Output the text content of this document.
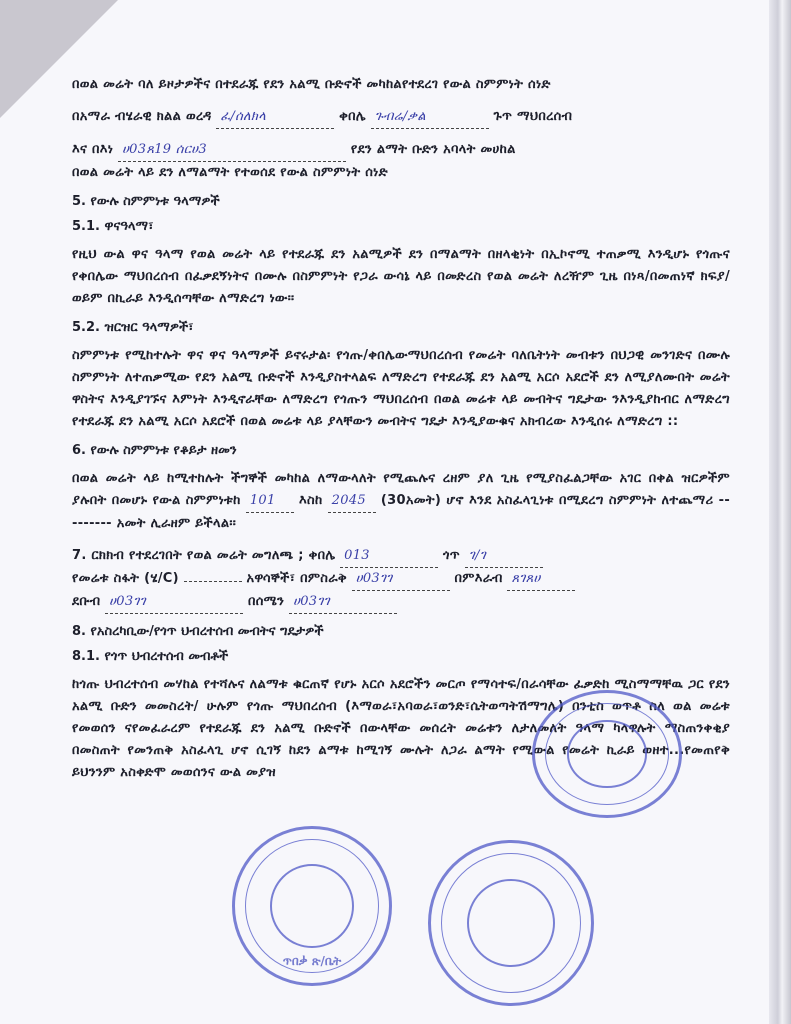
በወል መሬት ባለ ይዞታዎችና በተደራጁ የደን አልሚ ቡድኖች መካከልየተደረገ የውል ስምምነት ሰነድ

በአማራ ብሄራዊ ክልል ወረዳ ፈ/ሰለክላ	ቀበሌ ጉብሬ/ቃል	ጉጥ ማህበረሰብ

እና በእነ ሀ03ጸ19 ሰርሀ3	የደን ልማት ቡድን አባላት መሀከል

በወል መሬት ላይ ደን ለማልማት የተወሰደ የውል ስምምነት ሰነድ

5. የውሉ ስምምነቱ ዓላማዎች
5.1. ዋናዓላማ፣

የዚህ ውል ዋና ዓላማ የወል መሬት ላይ የተደራጁ ደን አልሚዎች ደን በማልማት በዘላቂነት በኢኮኖሚ ተጠቃሚ እንዲሆኑ የጎጡና የቀበሌው ማህበረሰብ በፈቃደኝነትና በሙሉ በስምምነት የጋራ ውሳኔ ላይ በመድረስ የወል መሬት ለረዥም ጊዜ በነጻ/በመጠነኛ ክፍያ/ ወይም በኪራይ እንዲሰጣቸው ለማድረግ ነው፡፡

5.2. ዝርዝር ዓላማዎች፣

ስምምነቱ የሚከተሉት ዋና ዋና ዓላማዎች ይኖሩታል፡ የጎጡ/ቀበሌውማህበረሰብ የመሬት ባለቤትነት መብቱን በህጋዊ መንገድና በሙሉ ስምምነት ለተጠቃሚው የደን አልሚ ቡድኖች እንዲያስተላልፍ ለማድረግ የተደራጁ ደን አልሚ አርሶ አደሮች ደን ለሚያለሙበት መሬት ዋስትና እንዲያገኙና እምነት እንዲኖራቸው ለማድረግ የጎጡን ማህበረሰብ በወል መሬቱ ላይ መብትና ግዴታው ንእንዲያከብር ለማድረግ የተደራጁ ደን አልሚ አርሶ አደሮች በወል መሬቱ ላይ ያላቸውን መብትና ግዴታ እንዲያውቁና አክብረው እንዲሰሩ ለማድረግ ::

6. የውሉ ስምምነቱ የቆይታ ዘመን

በወል መሬት ላይ ከሚተከሉት ችግኞች መካከል ለማውላለት የሚጨሉና ረዘም ያለ ጊዜ የሚያስፈልጋቸው አገር በቀል ዝርዎችም ያሉበት በመሆኑ የውል ስምምነቱከ 101 እስከ 2045 (30አመት) ሆኖ እንደ አስፈላጊነቱ በሚደረግ ስምምነት ለተጨማሪ --------- አመት ሊራዘም ይችላል፡፡

7. ርክክብ የተደረገበት የወል መሬት መግለጫ ; ቀበሌ 013	ጎጥ ገ/ገ

የመሬቱ ስፋት (ሄ/C)	አዋሳኞች፣ በምስራቅ ሀ03ገገ	በምእራብ ጸገጸሀ

ደቡብ ሀ03ገገ	በሰሜን ሀ03ገገ

8. የአስረካቢው/የጎጥ ህብረተሰብ መብትና ግዴታዎች
8.1. የጎጥ ህብረተሰብ መብቶች

ከጎጡ ህብረተሰብ መሃከል የተሻሉና ለልማቱ ቁርጠኛ የሆኑ አርሶ አደሮችን መርጦ የማሳተፍ/በራሳቸው ፈቃድከ ሚስማማቸዉ ጋር የደን አልሚ ቡድን መመስረት/ ሁሉም የጎጡ ማህበረሰብ (እማወራ፣አባወራ፣ወንድ፣ሴትወጣትሽማግሌ) በንቲስ ወጥቶ ስለ ወል መሬቱ የመወሰን ናየመፈራረም የተደራጁ ደን አልሚ ቡድኖች በውላቸው መሰረት መሬቱን ለታለመለት ዓላማ ካላዋሉት ማስጠንቀቂያ በመስጠት የመንጠቅ አስፈላጊ ሆኖ ሲገኝ ከደን ልማቱ ከሚገኝ ሙሉት ለጋራ ልማት የሚውል የመሬት ኪራይ ወዘተ...የመጠየቅ ይህንንም አስቀድሞ መወሰንና ውል መያዝ

ጥበቃ ጽ/ቤት
